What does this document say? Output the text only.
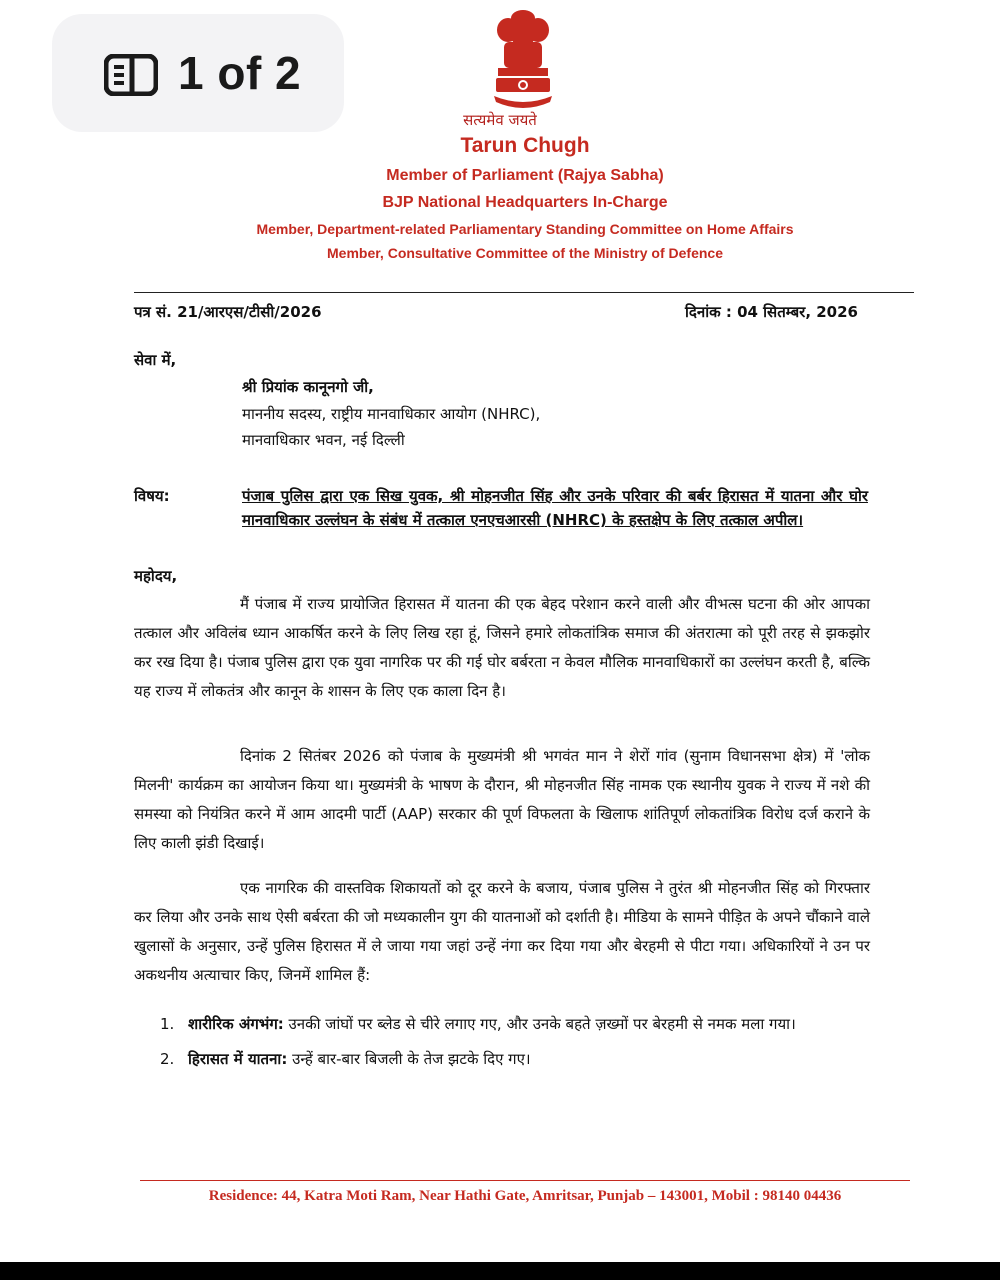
1 of 2
सत्यमेव जयते
Tarun Chugh
Member of Parliament (Rajya Sabha)
BJP National Headquarters In-Charge
Member, Department-related Parliamentary Standing Committee on Home Affairs
Member, Consultative Committee of the Ministry of Defence
पत्र सं. 21/आरएस/टीसी/2026	दिनांक : 04 सितम्बर, 2026
सेवा में,
श्री प्रियांक कानूनगो जी,
माननीय सदस्य, राष्ट्रीय मानवाधिकार आयोग (NHRC),
मानवाधिकार भवन, नई दिल्ली
विषय:	पंजाब पुलिस द्वारा एक सिख युवक, श्री मोहनजीत सिंह और उनके परिवार की बर्बर हिरासत में यातना और घोर मानवाधिकार उल्लंघन के संबंध में तत्काल एनएचआरसी (NHRC) के हस्तक्षेप के लिए तत्काल अपील।

महोदय,

मैं पंजाब में राज्य प्रायोजित हिरासत में यातना की एक बेहद परेशान करने वाली और वीभत्स घटना की ओर आपका तत्काल और अविलंब ध्यान आकर्षित करने के लिए लिख रहा हूं, जिसने हमारे लोकतांत्रिक समाज की अंतरात्मा को पूरी तरह से झकझोर कर रख दिया है। पंजाब पुलिस द्वारा एक युवा नागरिक पर की गई घोर बर्बरता न केवल मौलिक मानवाधिकारों का उल्लंघन करती है, बल्कि यह राज्य में लोकतंत्र और कानून के शासन के लिए एक काला दिन है।

दिनांक 2 सितंबर 2026 को पंजाब के मुख्यमंत्री श्री भगवंत मान ने शेरों गांव (सुनाम विधानसभा क्षेत्र) में 'लोक मिलनी' कार्यक्रम का आयोजन किया था। मुख्यमंत्री के भाषण के दौरान, श्री मोहनजीत सिंह नामक एक स्थानीय युवक ने राज्य में नशे की समस्या को नियंत्रित करने में आम आदमी पार्टी (AAP) सरकार की पूर्ण विफलता के खिलाफ शांतिपूर्ण लोकतांत्रिक विरोध दर्ज कराने के लिए काली झंडी दिखाई।

एक नागरिक की वास्तविक शिकायतों को दूर करने के बजाय, पंजाब पुलिस ने तुरंत श्री मोहनजीत सिंह को गिरफ्तार कर लिया और उनके साथ ऐसी बर्बरता की जो मध्यकालीन युग की यातनाओं को दर्शाती है। मीडिया के सामने पीड़ित के अपने चौंकाने वाले खुलासों के अनुसार, उन्हें पुलिस हिरासत में ले जाया गया जहां उन्हें नंगा कर दिया गया और बेरहमी से पीटा गया। अधिकारियों ने उन पर अकथनीय अत्याचार किए, जिनमें शामिल हैं:

1. शारीरिक अंगभंग: उनकी जांघों पर ब्लेड से चीरे लगाए गए, और उनके बहते ज़ख्मों पर बेरहमी से नमक मला गया।
2. हिरासत में यातना: उन्हें बार-बार बिजली के तेज झटके दिए गए।
Residence: 44, Katra Moti Ram, Near Hathi Gate, Amritsar, Punjab – 143001, Mobil : 98140 04436
